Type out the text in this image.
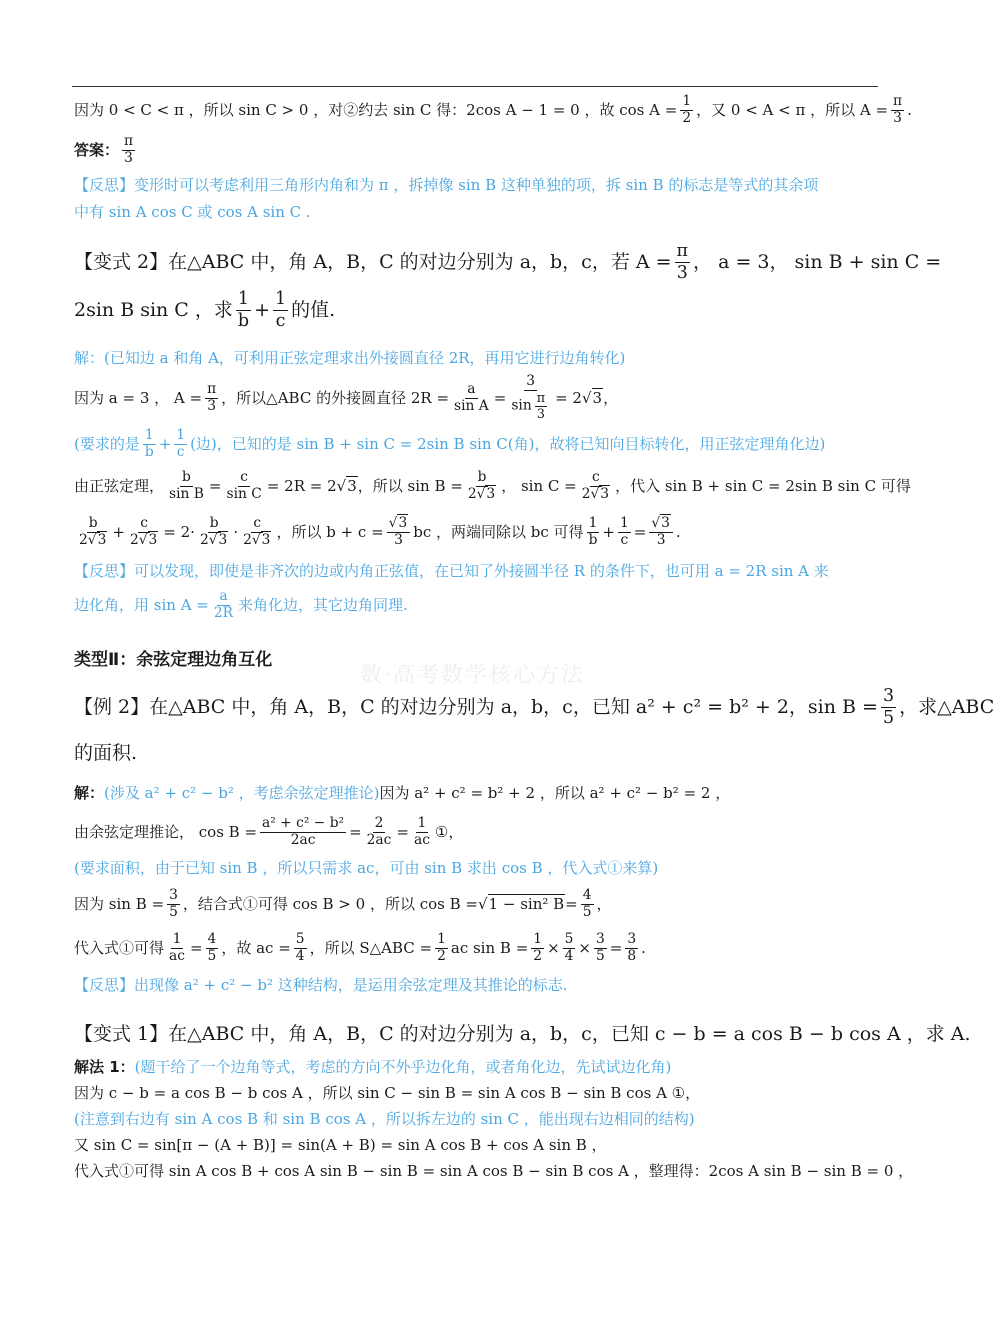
数·高考数学核心方法
因为 0 < C < π ，所以 sin C > 0 ，对②约去 sin C 得：2cos A − 1 = 0 ，故 $\cos A = \frac{1}{2}$ ，又 0 < A < π ，所以 $A = \frac{\pi}{3}$ .
答案： $\frac{\pi}{3}$
【反思】变形时可以考虑利用三角形内角和为 π ，拆掉像 sin B 这种单独的项，拆 sin B 的标志是等式的其余项
中有 sin A cos C 或 cos A sin C .
【变式 2】在△ABC 中，角 A，B，C 的对边分别为 a，b，c，若 $A = \frac{\pi}{3}$ ， a = 3， sin B + sin C =
2sin B sin C ，求 $\frac{1}{b} + \frac{1}{c}$ 的值.
解：(已知边 a 和角 A，可利用正弦定理求出外接圆直径 2R，再用它进行边角转化)
因为 a = 3 ， $A = \frac{\pi}{3}$ ，所以△ABC 的外接圆直径 $2R = \frac{a}{\text{sin A}} = \frac{3}{\sin \frac{\pi}{3}} = 2$ √ 3 ，
(要求的是 $\frac{1}{b} + \frac{1}{c}$ (边)，已知的是 sin B + sin C = 2sin B sin C(角)，故将已知向目标转化，用正弦定理角化边)
由正弦定理， $\frac{b}{\text{sin B}} = \frac{c}{\text{sin C}} = 2R = 2$ √ 3 ，所以 $\sin B = \frac{b}{2 √ 3}$ ， $\sin C = \frac{c}{2 √ 3}$ ，代入 sin B + sin C = 2sin B sin C 可得
$\frac{b}{2 √ 3} + \frac{c}{2 √ 3} = 2\cdot \frac{b}{2 √ 3} \cdot \frac{c}{2 √ 3}$ ，所以 b + c = √ $\frac{3}{3}$ bc ，两端同除以 bc 可得 $\frac{1}{b} + \frac{1}{c}$ = √ $\frac{3}{3}$ .
【反思】可以发现，即使是非齐次的边或内角正弦值，在已知了外接圆半径 R 的条件下，也可用 a = 2R sin A 来
边化角，用 $\sin A = \frac{a}{2R}$ 来角化边，其它边角同理.
类型Ⅱ：余弦定理边角互化
【例 2】在△ABC 中，角 A，B，C 的对边分别为 a，b，c，已知 a² + c² = b² + 2，$\sin B = \frac{3}{5}$ ，求△ABC
的面积.
解： (涉及 a² + c² − b² ，考虑余弦定理推论) 因为 a² + c² = b² + 2 ，所以 a² + c² − b² = 2 ，
由余弦定理推论， $\cos B = \frac{\text{a² + c² − b²}}{2ac} = \frac{2}{2ac} = \frac{1}{ac}$ ①，
(要求面积，由于已知 sin B ，所以只需求 ac，可由 sin B 求出 cos B ，代入式①来算)
因为 $\sin B = \frac{3}{5}$ ，结合式①可得 cos B > 0 ，所以 cos B = √ 1 − sin² $B = \frac{4}{5}$ ，
代入式①可得 $\frac{1}{ac} = \frac{4}{5}$ ，故 ac = $\frac{5}{4}$ ，所以 S△ABC = $\frac{1}{2}$ ac $\sin B = \frac{1}{2} \times \frac{5}{4} \times \frac{3}{5} = \frac{3}{8}$ .
【反思】出现像 a² + c² − b² 这种结构，是运用余弦定理及其推论的标志.
【变式 1】在△ABC 中，角 A，B，C 的对边分别为 a，b，c，已知 c − b = a cos B − b cos A ，求 A.
解法 1： (题干给了一个边角等式，考虑的方向不外乎边化角，或者角化边，先试试边化角)
因为 c − b = a cos B − b cos A ，所以 sin C − sin B = sin A cos B − sin B cos A ①，
(注意到右边有 sin A cos B 和 sin B cos A ，所以拆左边的 sin C ，能出现右边相同的结构)
又 sin C = sin[π − (A + B)] = sin(A + B) = sin A cos B + cos A sin B ，
代入式①可得 sin A cos B + cos A sin B − sin B = sin A cos B − sin B cos A ，整理得：2cos A sin B − sin B = 0 ，
